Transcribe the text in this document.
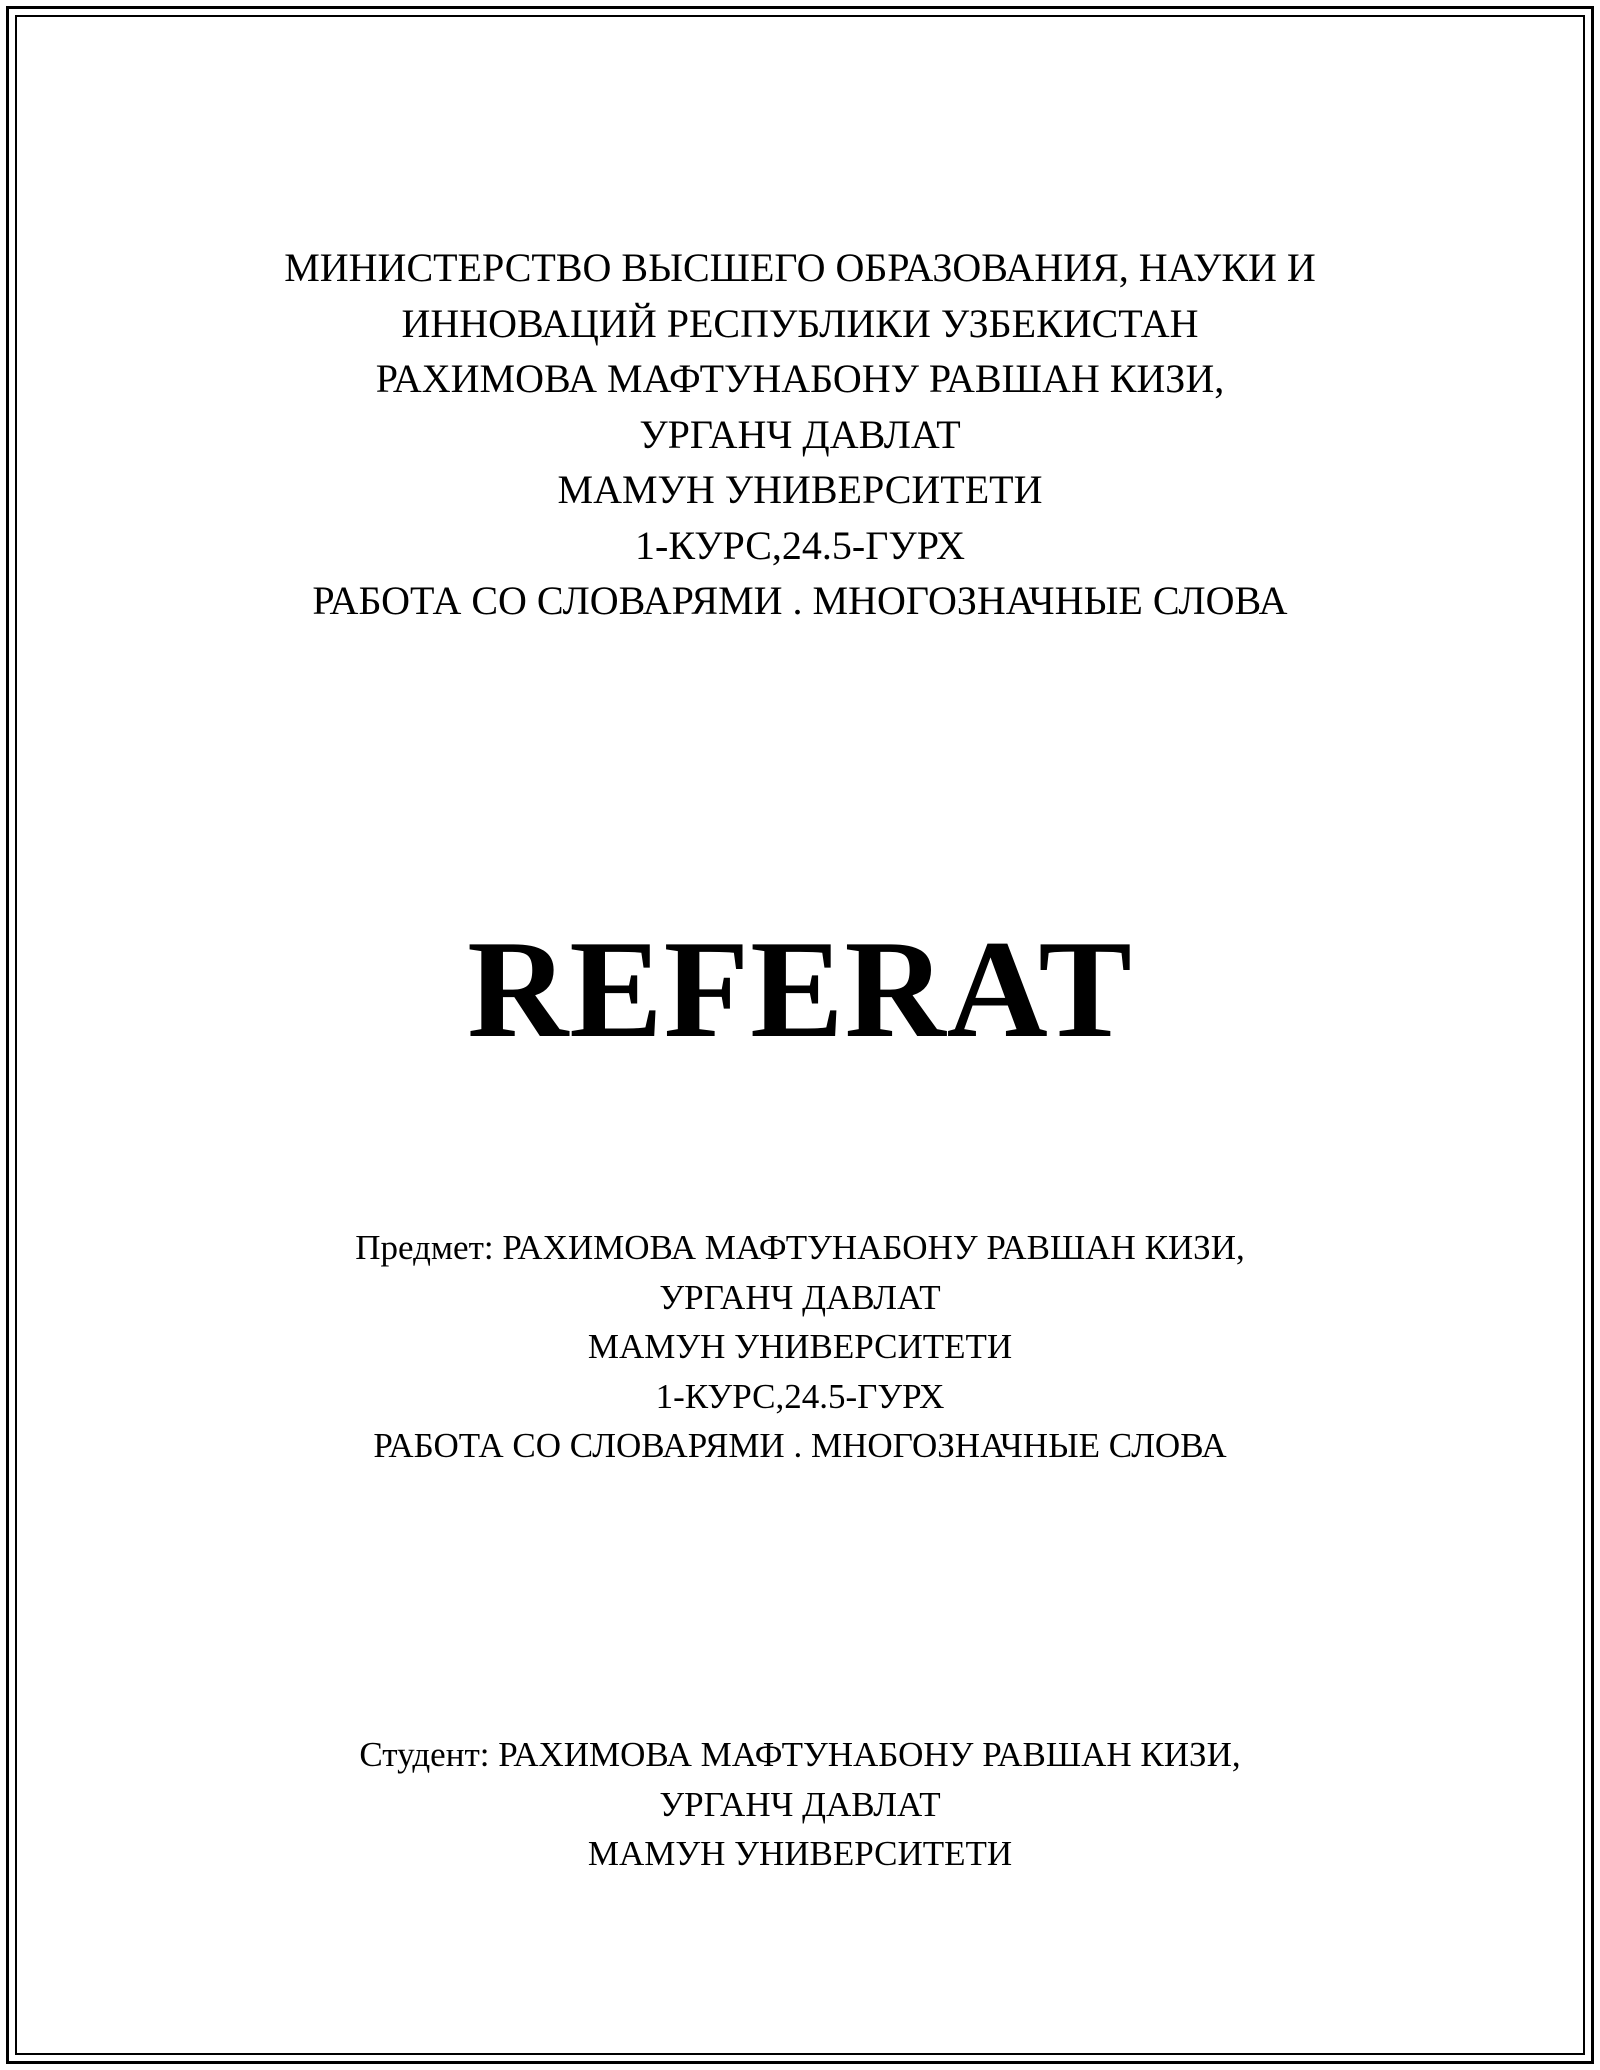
МИНИСТЕРСТВО ВЫСШЕГО ОБРАЗОВАНИЯ, НАУКИ И
ИННОВАЦИЙ РЕСПУБЛИКИ УЗБЕКИСТАН
РАХИМОВА МАФТУНАБОНУ РАВШАН КИЗИ,
УРГАНЧ ДАВЛАТ
МАМУН УНИВЕРСИТЕТИ
1-КУРС,24.5-ГУРХ
РАБОТА СО СЛОВАРЯМИ . МНОГОЗНАЧНЫЕ СЛОВА
REFERAT
Предмет: РАХИМОВА МАФТУНАБОНУ РАВШАН КИЗИ,
УРГАНЧ ДАВЛАТ
МАМУН УНИВЕРСИТЕТИ
1-КУРС,24.5-ГУРХ
РАБОТА СО СЛОВАРЯМИ . МНОГОЗНАЧНЫЕ СЛОВА
Студент: РАХИМОВА МАФТУНАБОНУ РАВШАН КИЗИ,
УРГАНЧ ДАВЛАТ
МАМУН УНИВЕРСИТЕТИ
